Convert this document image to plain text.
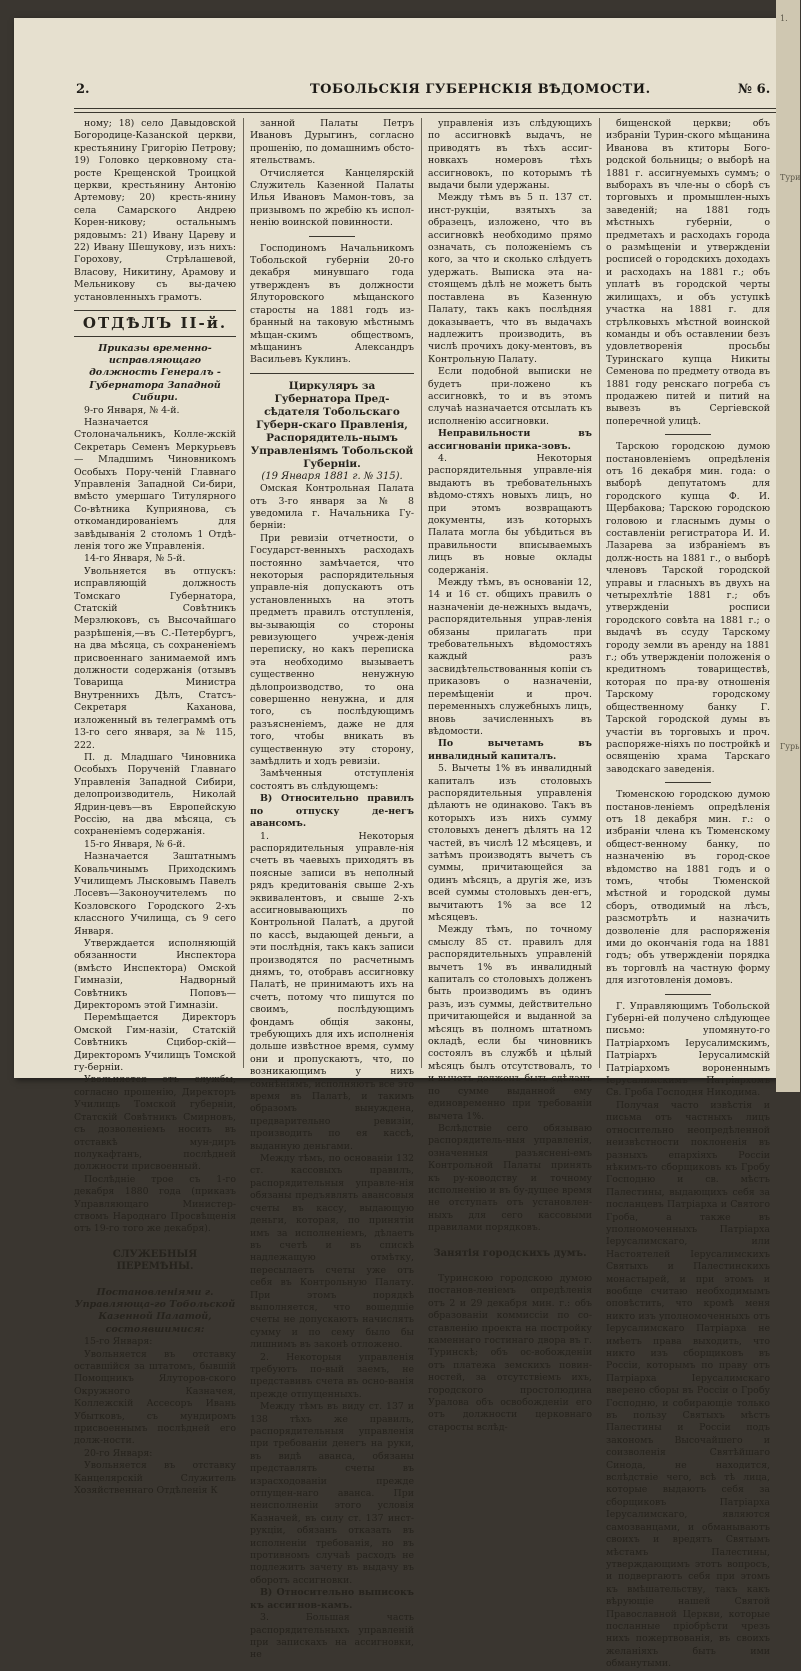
2.	ТОБОЛЬСКІЯ ГУБЕРНСКІЯ ВѢДОМОСТИ.	№ 6.

ному; 18) село Давыдовской Богородице-Казанской церкви, крестьянину Григорію Петрову; 19) Головко церковному ста-росте Крещенской Троицкой церкви, крестьянину Антонію Артемову; 20) кресть-янину села Самарского Андрею Корен-никову; остальнымъ рядовымъ: 21) Ивану Цареву и 22) Ивану Шешукову, изъ нихъ: Горохову, Стрѣлашевой, Власову, Никитину, Арамову и Мельникову съ вы-дачею установленныхъ грамотъ.

ОТДѢЛЪ II-й.

Приказы временно-исправляющаго должность Генералъ - Губернатора Западной Сибири.

9-го Января, № 4-й.

Назначается Столоначальникъ, Колле-жскій Секретарь Семенъ Меркурьевъ— Младшимъ Чиновникомъ Особыхъ Пору-ченій Главнаго Управленія Западной Си-бири, вмѣсто умершаго Титулярного Со-вѣтника Куприянова, съ откомандированіемъ для завѣдыванія 2 столомъ 1 Отдѣ-ленія того же Управленія.

14-го Января, № 5-й.

Увольняется въ отпускъ: исправляющій должность Томскаго Губернатора, Статскій Совѣтникъ Мерзлюковъ, съ Высочайшаго разрѣшенія,—въ С.-Петербургъ, на два мѣсяца, съ сохраненіемъ присвоеннаго занимаемой имъ должности содержанія (отзывъ Товарища Министра Внутреннихъ Дѣлъ, Статсъ-Секретаря Каханова, изложенный въ телеграммѣ отъ 13-го сего января, за № 115, 222.

П. д. Младшаго Чиновника Особыхъ Порученій Главнаго Управленія Западной Сибири, делопроизводитель, Николай Ядрин-цевъ—въ Европейскую Россію, на два мѣсяца, съ сохраненіемъ содержанія.

15-го Января, № 6-й.

Назначается Заштатнымъ Ковальчинымъ Приходскимъ Училищемъ Лысковымъ Павелъ Лосевъ—Законоучителемъ по Козловского Городского 2-хъ классного Училища, съ 9 сего Января.

Утверждается исполняющій обязанности Инспектора (вмѣсто Инспектора) Омской Гимназіи, Надворный Совѣтникъ Поповъ—Директоромъ этой Гимназіи.

Перемѣщается Директоръ Омской Гим-назіи, Статскій Совѣтникъ Сцибор-скій—Директоромъ Училищъ Томской гу-берніи.

Увольняется отъ службы, согласно прошенію, Директоръ Училищъ Томской губерніи, Статскій Совѣтникъ Смирновъ, съ дозволеніемъ носить въ отставкѣ мун-диръ полукафтанъ, послѣдней должности присвоенный.

Послѣдніе трое съ 1-го декабря 1880 года (приказъ Управляющаго Министер-ствомъ Народнаго Просвѣщенія отъ 19-го того же декабря).

СЛУЖЕБНЫЯ ПЕРЕМѢНЫ.

Постановленіями г. Управляюща-го Тобольской Казенной Палатой, состоявшимися:

15-го Января:

Увольняется въ отставку оставшійся за штатомъ, бывшій Помощникъ Ялуторов-ского Окружного Казначея, Коллежскій Ассесоръ Ивань Убытковъ, съ мундиромъ присвоеннымъ послѣдней его долж-ности.

20-го Января:

Увольняется въ отставку Канцелярскій Служитель Хозяйственнаго Отдѣленія К

занной Палаты Петръ Ивановъ Дурыгинъ, согласно прошенію, по домашнимъ обсто-ятельствамъ.

Отчисляется Канцелярскій Служитель Казенной Палаты Илья Ивановъ Мамон-товъ, за призывомъ по жребію къ испол-ненію воинской повинности.

Господиномъ Начальникомъ Тобольской губерніи 20-го декабря минувшаго года утвержденъ въ должности Ялуторовского мѣщанского старосты на 1881 годъ из-бранный на таковую мѣстнымъ мѣщан-скимъ обществомъ, мѣщанинъ Александръ Васильевъ Куклинъ.

Циркуляръ за Губернатора Пред-сѣдателя Тобольскаго Губерн-скаго Правленія, Распорядитель-нымъ Управленіямъ Тобольской Губерніи.

(19 Января 1881 г. № 315).

Омская Контрольная Палата отъ 3-го января за № 8 уведомила г. Начальника Гу-берніи:

При ревизіи отчетности, о Государст-венныхъ расходахъ постоянно замѣчается, что некоторыя распорядительныя управле-нія допускаютъ отъ установленныхъ на этотъ предметъ правилъ отступленія, вы-зывающія со стороны ревизующего учреж-денія переписку, но какъ переписка эта необходимо вызываетъ существенно ненужную дѣлопроизводство, то она совершенно ненужна, и для того, съ послѣдующимъ разъясненіемъ, даже не для того, чтобы вникать въ существенную эту сторону, замѣдлить и ходъ ревизіи.

Замѣченныя отступленія состоятъ въ слѣдующемъ:

В) Относительно правилъ по отпуску де-негъ авансомъ.

1. Некоторыя распорядительныя управле-нія счетъ въ чаевыхъ приходятъ въ поясные записи въ неполный рядъ кредитованія свыше 2-хъ эквивалентовъ, и свыше 2-хъ ассигновывающихъ по Контрольной Палатѣ, а другой по кассѣ, выдающей деньги, а эти послѣднія, такъ какъ записи производятся по расчетнымъ днямъ, то, отобравъ ассигновку Палатѣ, не принимаютъ ихъ на счетъ, потому что пишутся по своимъ, послѣдующимъ фондамъ общія законы, требующихъ для ихъ исполненія дольше извѣстное время, сумму они и пропускаютъ, что, по возникающимъ у нихъ сомнѣніямъ, исполняютъ все это время въ Палатѣ, и такимъ образомъ вынуждена, предварительно ревизіи, производить по ея кассѣ, выданную деньгами.

Между тѣмъ, по основаніи 132 ст. кассовыхъ правилъ, распорядительныя управле-нія обязаны предъявлять авансовыя счеты въ кассу, выдающую деньги, которая, по принятіи имъ за исполненіемъ, дѣлаетъ въ счетѣ и въ спискѣ надлежащую отмѣтку, пересылаетъ счеты уже отъ себя въ Контрольную Палату. При этомъ порядкѣ выполняется, что вошедшіе счеты не допускаютъ начислять сумму и по сему было бы лишнимъ въ законѣ отложено.

2. Некоторыя управленія требуютъ по-вый заемъ, не представивъ счета въ осно-ванія прежде отпущенныхъ.

Между тѣмъ въ виду ст. 137 и 138 тѣхъ же правилъ, распорядительныя управленія при требованіи денегъ на руки, въ видѣ аванса, обязаны представлять счеты въ израсходованіи прежде отпущен-наго аванса. При неисполненіи этого условія Казначей, въ силу ст. 137 инст-рукціи, обязанъ отказать въ исполненіи требованія, но въ противномъ случаѣ расходъ не подлежитъ зачету въ выдачу въ оборотъ ассигновки.

В) Относительно выписокъ къ ассигнов-камъ.

3. Большая часть распорядительныхъ управленій при запискахъ на ассигновки, не

управленія изъ слѣдующихъ по ассигновкѣ выдачъ, не приводятъ въ тѣхъ ассиг-новкахъ номеровъ тѣхъ ассигновокъ, по которымъ тѣ выдачи были удержаны.

Между тѣмъ въ 5 п. 137 ст. инст-рукціи, взятыхъ за образецъ, изложено, что въ ассигновкѣ необходимо прямо означать, съ положеніемъ съ кого, за что и сколько слѣдуетъ удержать. Выписка эта на-стоящемъ дѣлѣ не можетъ быть поставлена въ Казенную Палату, такъ какъ послѣдняя доказываетъ, что въ выдачахъ надлежитъ производить, въ числѣ прочихъ доку-ментовъ, въ Контрольную Палату.

Если подобной выписки не будетъ при-ложено къ ассигновкѣ, то и въ этомъ случаѣ назначается отсылать къ исполненію ассигновки.

Неправильности въ ассигнованіи прика-зовъ.

4. Некоторыя распорядительныя управле-нія выдаютъ въ требовательныхъ вѣдомо-стяхъ новыхъ лицъ, но при этомъ возвращаютъ документы, изъ которыхъ Палата могла бы убѣдиться въ правильности вписываемыхъ лицъ въ новые оклады содержанія.

Между тѣмъ, въ основаніи 12, 14 и 16 ст. общихъ правилъ о назначеніи де-нежныхъ выдачъ, распорядительныя управ-ленія обязаны прилагать при требовательныхъ вѣдомостяхъ каждый разъ засвидѣтельствованныя копіи съ приказовъ о назначеніи, перемѣщеніи и проч. переменныхъ служебныхъ лицъ, вновь зачисленныхъ въ вѣдомости.

По вычетамъ въ инвалидный капиталъ.

5. Вычеты 1% въ инвалидный капиталъ изъ столовыхъ распорядительныя управленія дѣлаютъ не одинаково. Такъ въ которыхъ изъ нихъ сумму столовыхъ денегъ дѣлятъ на 12 частей, въ числѣ 12 мѣсяцевъ, и затѣмъ производятъ вычетъ съ суммы, причитающейся за одинъ мѣсяцъ, а другія же, изъ всей суммы столовыхъ ден-егъ, вычитаютъ 1% за все 12 мѣсяцевъ.

Между тѣмъ, по точному смыслу 85 ст. правилъ для распорядительныхъ управленій вычетъ 1% въ инвалидный капиталъ со столовыхъ долженъ быть производимъ въ одинъ разъ, изъ суммы, действительно причитающейся и выданной за мѣсяцъ въ полномъ штатномъ окладѣ, если бы чиновникъ состоялъ въ службѣ и цѣлый мѣсяцъ былъ отсутствовалъ, то и вычетъ долженъ быть сдѣланъ по сумме выданной ему единовременно при требованіи вычета 1%.

Вслѣдствіе сего обязываю распорядитель-ныя управленія, означенныя разъяснені-емъ Контрольной Палаты принять къ ру-ководству и точному исполненію и въ бу-дущее время не отступать отъ установлен-ныхъ для сего кассовыми правилами порядковъ.

Занятія городскихъ думъ.

Туринскою городскою думою постанов-леніемъ опредѣленія отъ 2 и 29 декабря мин. г.: объ образованіи коммиссіи по со-ставленію проекта на постройку каменнаго гостинаго двора въ г. Туринскѣ; объ ос-вобожденіи отъ платежа земскихъ повин-ностей, за отсутствіемъ ихъ, городского простолюдина Уралова объ освобожденіи его отъ должности церковнаго старосты вслѣд-

бищенской церкви; объ избраніи Турин-ского мѣщанина Иванова въ ктиторы Бого-родской больницы; о выборѣ на 1881 г. ассигнуемыхъ суммъ; о выборахъ въ чле-ны о сборѣ съ торговыхъ и промышлен-ныхъ заведеній; на 1881 годъ мѣстныхъ губерніи, о предметахъ и расходахъ города о размѣщеніи и утвержденіи росписей о городскихъ доходахъ и расходахъ на 1881 г.; объ уплатѣ въ городской черты жилищахъ, и объ уступкѣ участка на 1881 г. для стрѣлковыхъ мѣстной воинской команды и объ оставлении безъ удовлетворенія просьбы Туринскаго купца Никиты Семенова по предмету отвода въ 1881 году ренскаго погреба съ продажею питей и питий на вывезъ въ Сергіевской поперечной улицѣ.

Тарскою городскою думою постановленіемъ опредѣленія отъ 16 декабря мин. года: о выборѣ депутатомъ для городского купца Ф. И. Щербакова; Тарскою городскою головою и гласнымъ думы о составленіи регистратора И. И. Лазарева за избраніемъ въ долж-ность на 1881 г., о выборѣ членовъ Тарской городской управы и гласныхъ въ двухъ на четырехлѣтіе 1881 г.; объ утвержденіи росписи городского совѣта на 1881 г.; о выдачѣ въ ссуду Тарскому городу земли въ аренду на 1881 г.; объ утвержденіи положенія о кредитномъ товариществѣ, которая по пра-ву отношенія Тарскому городскому общественному банку Г. Тарской городской думы въ участіи въ торговыхъ и проч. распоряже-ніяхъ по постройкѣ и освященію храма Тарскаго заводскаго заведенія.

Тюменскою городскою думою постанов-леніемъ опредѣленія отъ 18 декабря мин. г.: о избраніи члена къ Тюменскому общест-венному банку, по назначенію въ город-ское вѣдомство на 1881 годъ и о томъ, чтобы Тюменской мѣстной и городской думы сборъ, отводимый на лѣсъ, разсмотрѣть и назначить дозволеніе для распоряженія ими до окончанія года на 1881 годъ; объ утвержденіи порядка въ торговлѣ на частную форму для изготовленія домовъ.

Г. Управляющимъ Тобольской Губерні-ей получено слѣдующее письмо: упомянуто-го Патріархомъ Іерусалимскимъ, Патріархъ Іерусалимскій Патріархомъ вороненнымъ Іерусалимскимъ Патріархомъ Св. Гроба Господня Никодима.

Получая часто извѣстія и письма отъ частныхъ лицъ относительно неопредѣленной неизвѣстности поклоненія въ разныхъ епархіяхъ Россіи нѣкимъ-то сборщиковъ къ Гробу Господню и св. мѣстъ Палестины, выдающихъ себя за посланцевъ Патріарха и Святого Гроба, а также въ уполномоченныхъ Патріарха Іерусалимскаго, или Настоятелей Іерусалимскихъ Святыхъ и Палестинскихъ монастырей, и при этомъ и вообще считаю необходимымъ оповѣстить, что кромѣ меня никто изъ уполномоченныхъ отъ Іерусалимскаго Патріарха не имѣетъ права выходить, что никто изъ сборщиковъ въ Россіи, которымъ по праву отъ Патріарха Іерусалимскаго вверено сборы въ Россіи о Гробу Господню, и собирающіе только въ пользу Святыхъ мѣстъ Палестины и Россіи подъ закономъ Высочайшего и соизволенія Святѣйшаго Синода, не находится, вслѣдствіе чего, всѣ тѣ лица, которые выдаютъ себя за сборщиковъ Патріарха Іерусалимскаго, являются самозванцами, и обманываютъ своихъ и вредятъ Святымъ мѣстамъ Палестины, утверждающимъ этотъ вопросъ, и подвергаютъ себя при этомъ къ вмѣшательству, такъ какъ вѣрующіе нашей Святой Православной Церкви, которые посланные пріобрѣсти чрезъ нихъ пожертвованія, въ своихъ желаніяхъ быть ими обманутыми.

1.
Тури
Гурь
